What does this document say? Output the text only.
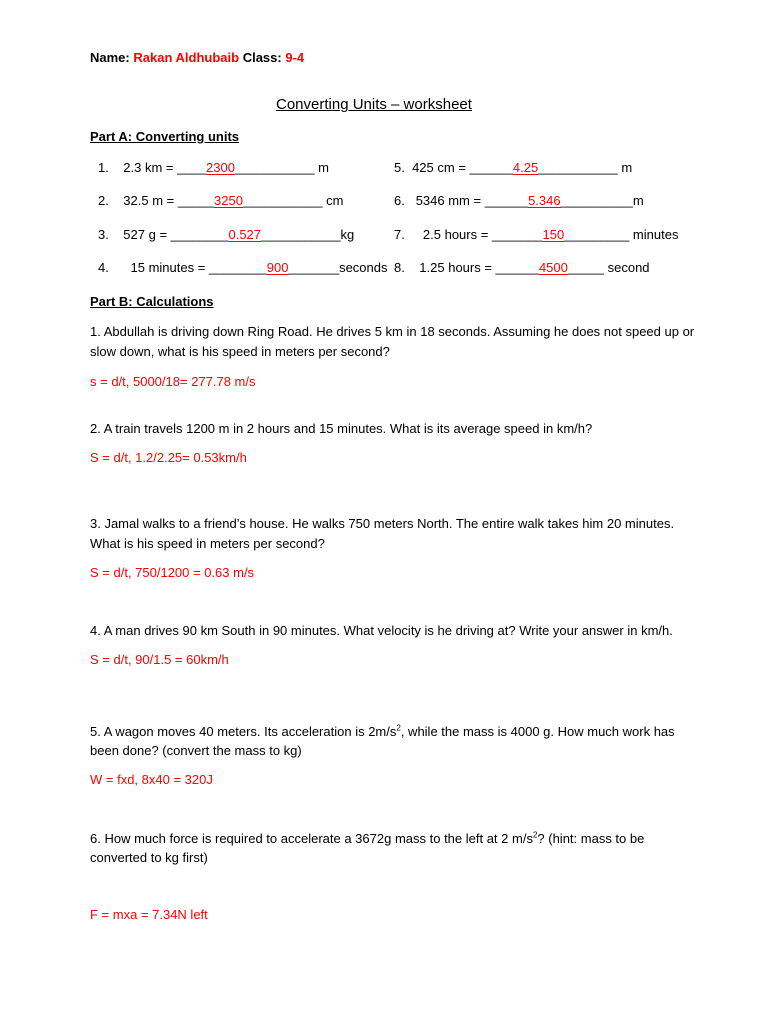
Name: Rakan Aldhubaib Class: 9-4
Converting Units – worksheet
Part A: Converting units
1. 2.3 km = ____2300___________ m
2. 32.5 m = _____3250___________ cm
3. 527 g = ________0.527___________kg
4. 15 minutes = ________900_______seconds
5. 425 cm = ______4.25___________ m
6. 5346 mm = ______5.346__________m
7. 2.5 hours = _______150_________ minutes
8. 1.25 hours = ______4500_____ second
Part B: Calculations
1. Abdullah is driving down Ring Road. He drives 5 km in 18 seconds. Assuming he does not speed up or
slow down, what is his speed in meters per second?
s = d/t, 5000/18= 277.78 m/s
2. A train travels 1200 m in 2 hours and 15 minutes. What is its average speed in km/h?
S = d/t, 1.2/2.25= 0.53km/h
3. Jamal walks to a friend’s house. He walks 750 meters North. The entire walk takes him 20 minutes.
What is his speed in meters per second?
S = d/t, 750/1200 = 0.63 m/s
4. A man drives 90 km South in 90 minutes. What velocity is he driving at? Write your answer in km/h.
S = d/t, 90/1.5 = 60km/h
5. A wagon moves 40 meters. Its acceleration is $2m/s^2$, while the mass is 4000 g. How much work has
been done? (convert the mass to kg)
W = fxd, 8x40 = 320J
6. How much force is required to accelerate a 3672g mass to the left at 2 $m/s^2$? (hint: mass to be
converted to kg first)
F = mxa = 7.34N left
